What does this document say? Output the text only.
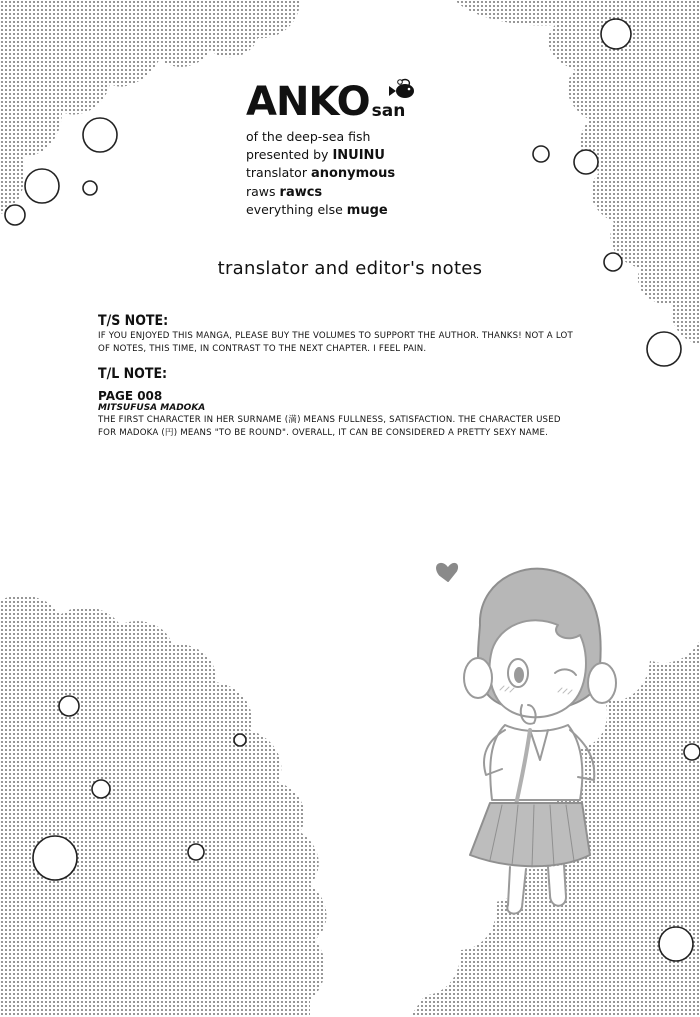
ANKO san
of the deep-sea fish
presented by INUINU
translator anonymous
raws rawcs
everything else muge
translator and editor's notes
T/S NOTE:
IF YOU ENJOYED THIS MANGA, PLEASE BUY THE VOLUMES TO SUPPORT THE AUTHOR. THANKS! NOT A LOT OF NOTES, THIS TIME, IN CONTRAST TO THE NEXT CHAPTER. I FEEL PAIN.
T/L NOTE:
PAGE 008
MITSUFUSA MADOKA
THE FIRST CHARACTER IN HER SURNAME (満) MEANS FULLNESS, SATISFACTION. THE CHARACTER USED FOR MADOKA (円) MEANS "TO BE ROUND". OVERALL, IT CAN BE CONSIDERED A PRETTY SEXY NAME.
